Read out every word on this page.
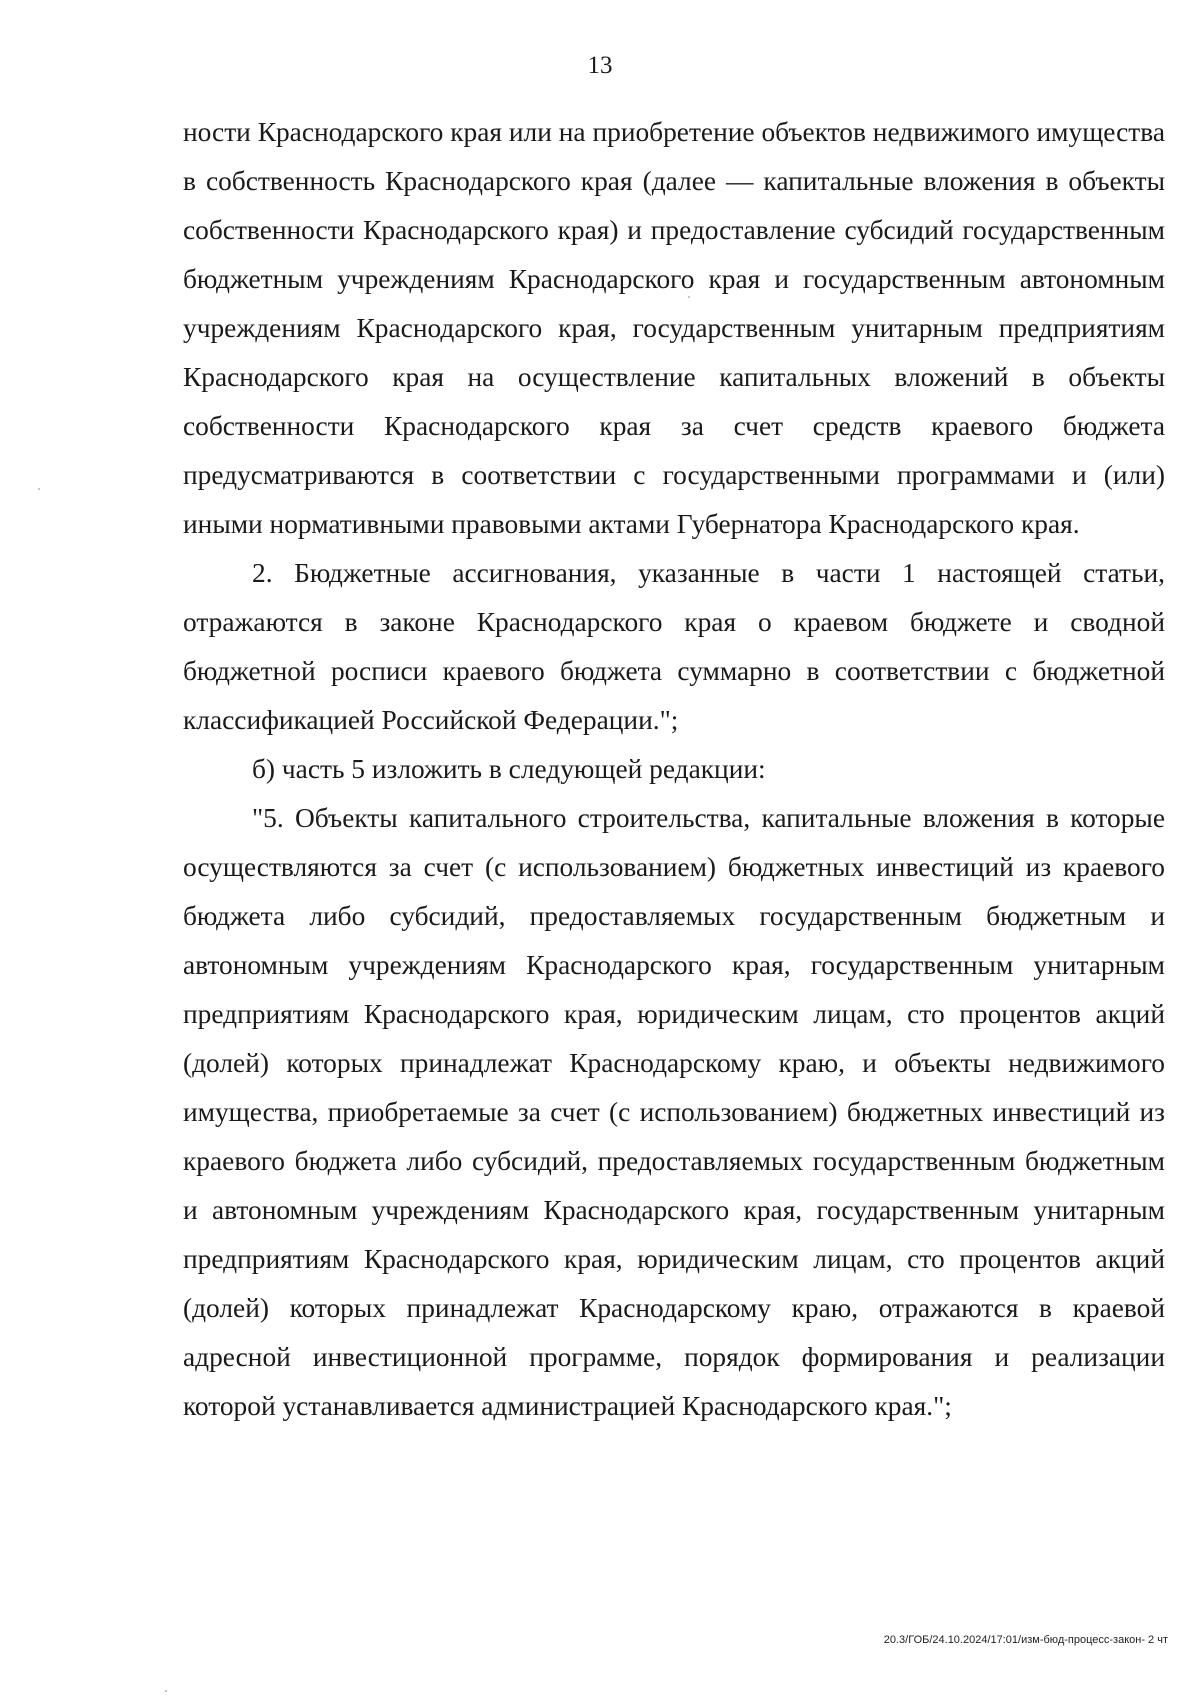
13

ности Краснодарского края или на приобретение объектов недвижимого имущества в собственность Краснодарского края (далее — капитальные вложения в объекты собственности Краснодарского края) и предоставление субсидий государственным бюджетным учреждениям Краснодарского края и государственным автономным учреждениям Краснодарского края, государственным унитарным предприятиям Краснодарского края на осуществление капитальных вложений в объекты собственности Краснодарского края за счет средств краевого бюджета предусматриваются в соответствии с государственными программами и (или) иными нормативными правовыми актами Губернатора Краснодарского края.

2. Бюджетные ассигнования, указанные в части 1 настоящей статьи, отражаются в законе Краснодарского края о краевом бюджете и сводной бюджетной росписи краевого бюджета суммарно в соответствии с бюджетной классификацией Российской Федерации.";

б) часть 5 изложить в следующей редакции:

"5. Объекты капитального строительства, капитальные вложения в которые осуществляются за счет (с использованием) бюджетных инвестиций из краевого бюджета либо субсидий, предоставляемых государственным бюджетным и автономным учреждениям Краснодарского края, государственным унитарным предприятиям Краснодарского края, юридическим лицам, сто процентов акций (долей) которых принадлежат Краснодарскому краю, и объекты недвижимого имущества, приобретаемые за счет (с использованием) бюджетных инвестиций из краевого бюджета либо субсидий, предоставляемых государственным бюджетным и автономным учреждениям Краснодарского края, государственным унитарным предприятиям Краснодарского края, юридическим лицам, сто процентов акций (долей) которых принадлежат Краснодарскому краю, отражаются в краевой адресной инвестиционной программе, порядок формирования и реализации которой устанавливается администрацией Краснодарского края.";

20.3/ГОБ/24.10.2024/17:01/изм-бюд-процесс-закон- 2 чт
